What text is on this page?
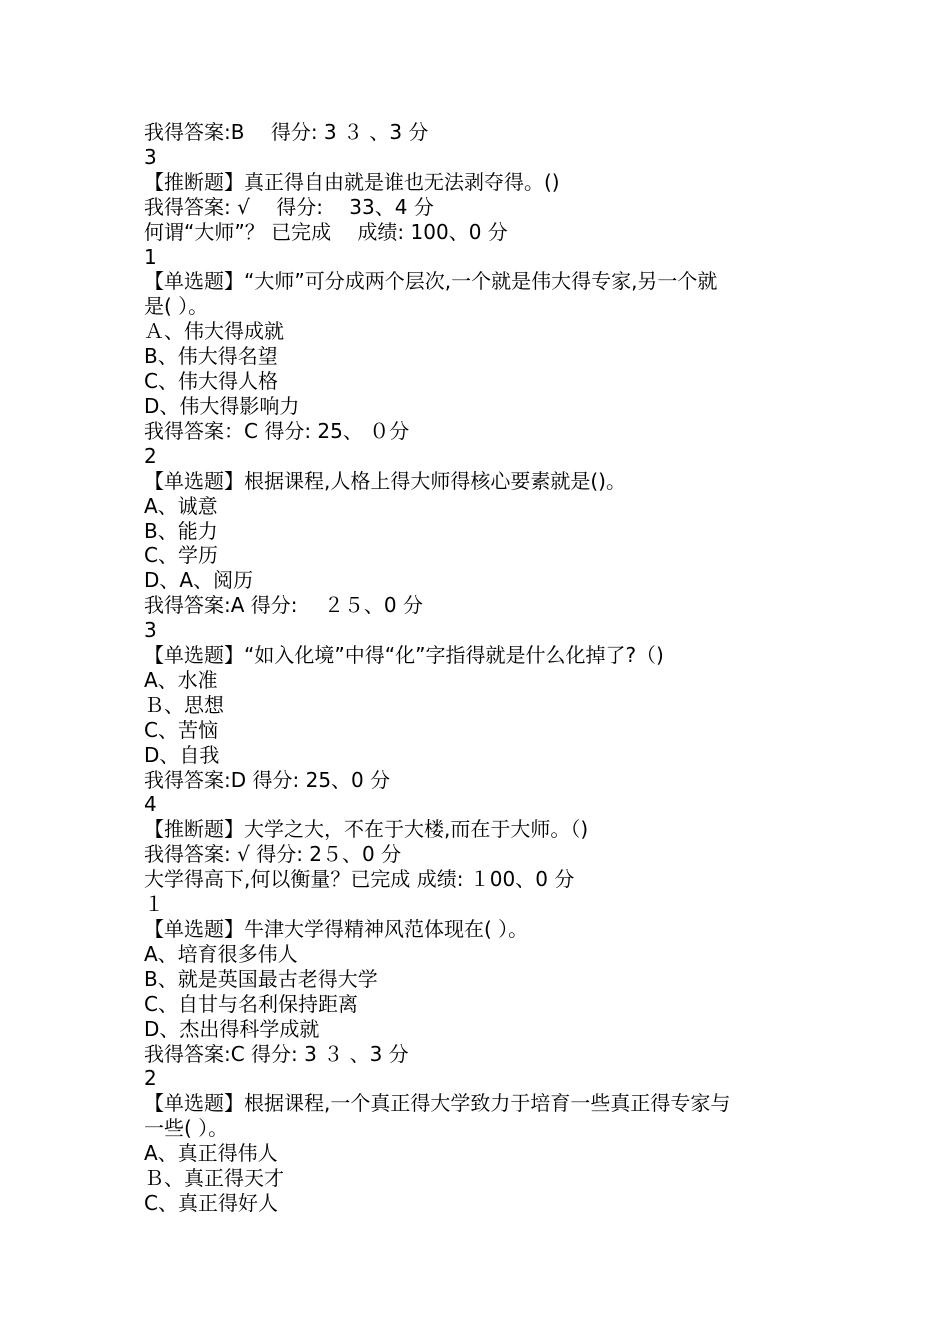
我得答案:B　 得分: 3 ３ 、3 分

3

【推断题】真正得自由就是谁也无法剥夺得。()

我得答案: √　 得分: 　33、4 分

何谓“大师”？ 已完成　 成绩: 100、0 分

1

【单选题】“大师”可分成两个层次,一个就是伟大得专家,另一个就

是( ）。

Ａ、伟大得成就

B、伟大得名望

C、伟大得人格

D、伟大得影响力

我得答案：C 得分: 25、 ０分

2

【单选题】根据课程,人格上得大师得核心要素就是()。

A、诚意

B、能力

C、学历

D、A、阅历

我得答案:A 得分: 　２５、0 分

3

【单选题】“如入化境”中得“化”字指得就是什么化掉了?（)

A、水准

Ｂ、思想

C、苦恼

D、自我

我得答案:D 得分: 25、0 分

4

【推断题】大学之大，不在于大楼,而在于大师。（)

我得答案: √ 得分: 2５、0 分

大学得高下,何以衡量？已完成 成绩: １00、0 分

１

【单选题】牛津大学得精神风范体现在( ）。

A、培育很多伟人

B、就是英国最古老得大学

C、自甘与名利保持距离

D、杰出得科学成就

我得答案:C 得分: 3 ３ 、3 分

2

【单选题】根据课程,一个真正得大学致力于培育一些真正得专家与

一些( ）。

A、真正得伟人

Ｂ、真正得天才

C、真正得好人
